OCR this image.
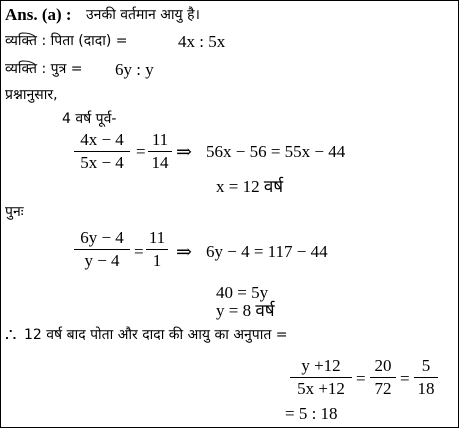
Ans. (a) : उनकी वर्तमान आयु है।
व्यक्ति : पिता (दादा) =	4x : 5x
व्यक्ति : पुत्र = 6y : y
प्रश्नानुसार,
4 वर्ष पूर्व-
4x − 4
5x − 4
=
11
14 ⇒ 56x − 56 = 55x − 44
x = 12 वर्ष
पुनः
6y − 4
y − 4 =
11
1 ⇒ 6y − 4 = 117 − 44
40 = 5y
y = 8 वर्ष
∴ 12 वर्ष बाद पोता और दादा की आयु का अनुपात =
y +12
5x +12
=
20
72
=
5
18
= 5 : 18
